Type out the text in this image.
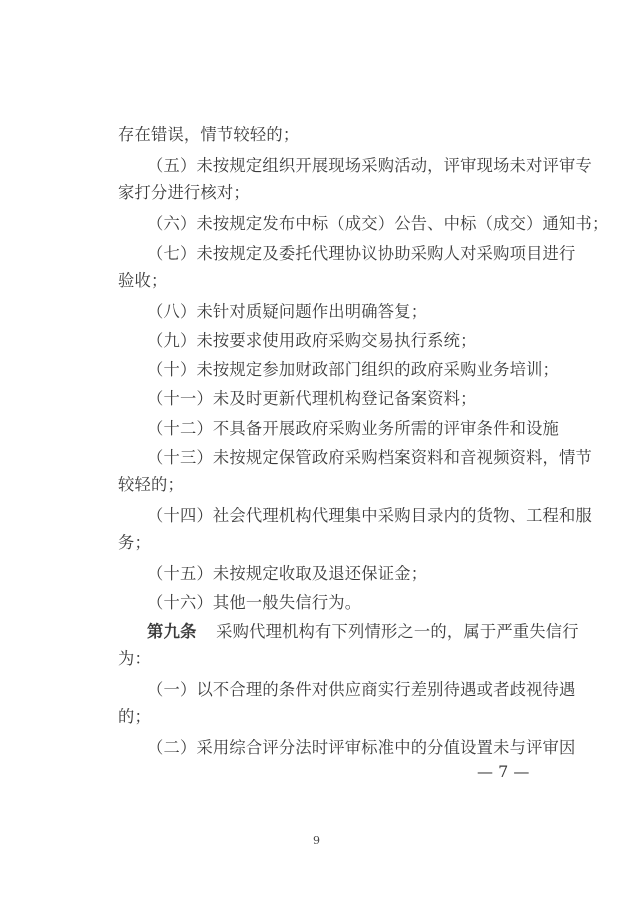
存在错误，情节较轻的；
（五）未按规定组织开展现场采购活动，评审现场未对评审专
家打分进行核对；
（六）未按规定发布中标（成交）公告、中标（成交）通知书；
（七）未按规定及委托代理协议协助采购人对采购项目进行
验收；
（八）未针对质疑问题作出明确答复；
（九）未按要求使用政府采购交易执行系统；
（十）未按规定参加财政部门组织的政府采购业务培训；
（十一）未及时更新代理机构登记备案资料；
（十二）不具备开展政府采购业务所需的评审条件和设施
（十三）未按规定保管政府采购档案资料和音视频资料，情节
较轻的；
（十四）社会代理机构代理集中采购目录内的货物、工程和服
务；
（十五）未按规定收取及退还保证金；
（十六）其他一般失信行为。
第九条 采购代理机构有下列情形之一的，属于严重失信行
为：
（一）以不合理的条件对供应商实行差别待遇或者歧视待遇
的；
（二）采用综合评分法时评审标准中的分值设置未与评审因
— 7 —
9
